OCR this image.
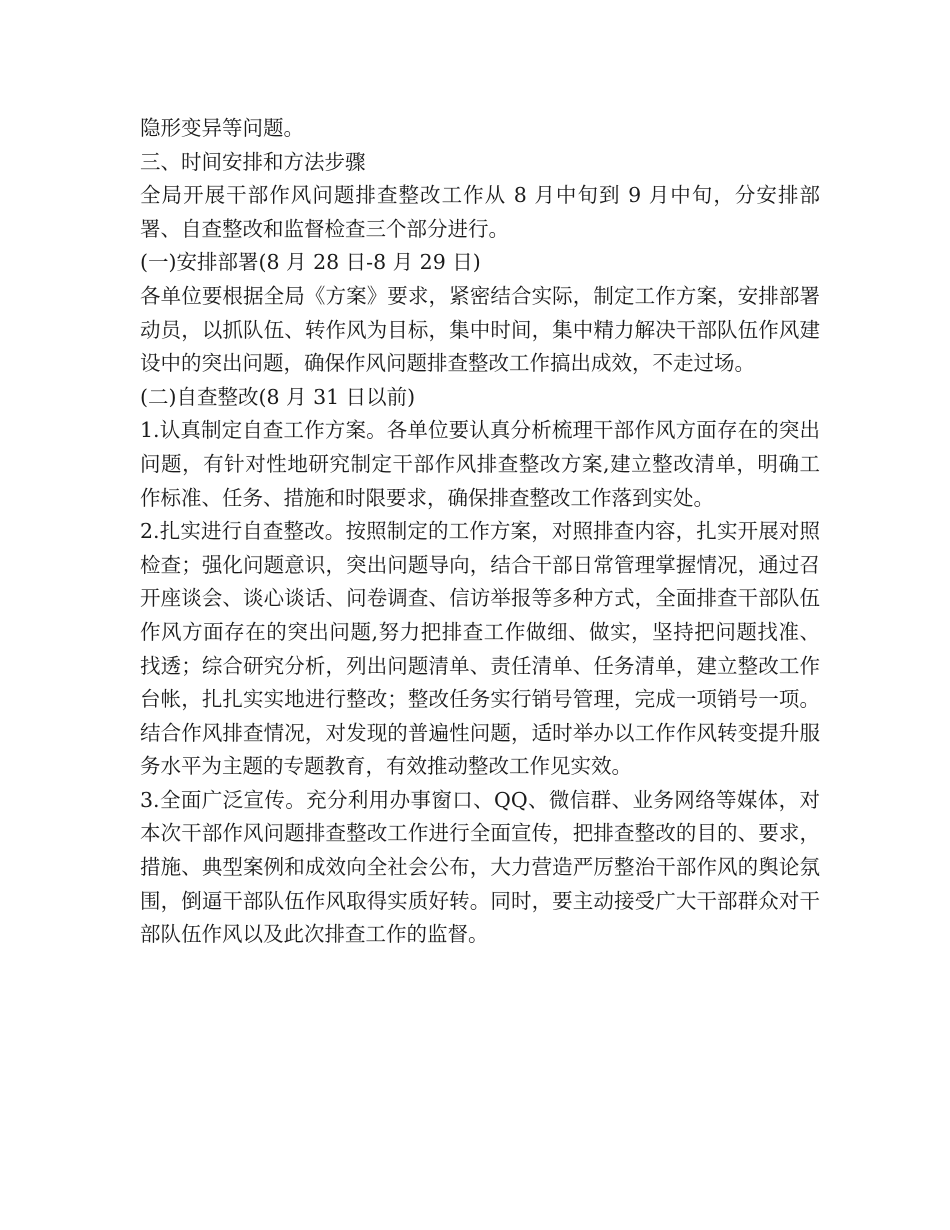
隐形变异等问题。

三、时间安排和方法步骤

全局开展干部作风问题排查整改工作从 8 月中旬到 9 月中旬，分安排部署、自查整改和监督检查三个部分进行。

(一)安排部署(8 月 28 日-8 月 29 日)

各单位要根据全局《方案》要求，紧密结合实际，制定工作方案，安排部署动员，以抓队伍、转作风为目标，集中时间，集中精力解决干部队伍作风建设中的突出问题，确保作风问题排查整改工作搞出成效，不走过场。

(二)自查整改(8 月 31 日以前)

1.认真制定自查工作方案。各单位要认真分析梳理干部作风方面存在的突出问题，有针对性地研究制定干部作风排查整改方案,建立整改清单，明确工作标准、任务、措施和时限要求，确保排查整改工作落到实处。

2.扎实进行自查整改。按照制定的工作方案，对照排查内容，扎实开展对照检查；强化问题意识，突出问题导向，结合干部日常管理掌握情况，通过召开座谈会、谈心谈话、问卷调查、信访举报等多种方式，全面排查干部队伍作风方面存在的突出问题,努力把排查工作做细、做实，坚持把问题找准、找透；综合研究分析，列出问题清单、责任清单、任务清单，建立整改工作台帐，扎扎实实地进行整改；整改任务实行销号管理，完成一项销号一项。结合作风排查情况，对发现的普遍性问题，适时举办以工作作风转变提升服务水平为主题的专题教育，有效推动整改工作见实效。

3.全面广泛宣传。充分利用办事窗口、QQ、微信群、业务网络等媒体，对本次干部作风问题排查整改工作进行全面宣传，把排查整改的目的、要求，措施、典型案例和成效向全社会公布，大力营造严厉整治干部作风的舆论氛围，倒逼干部队伍作风取得实质好转。同时，要主动接受广大干部群众对干部队伍作风以及此次排查工作的监督。
